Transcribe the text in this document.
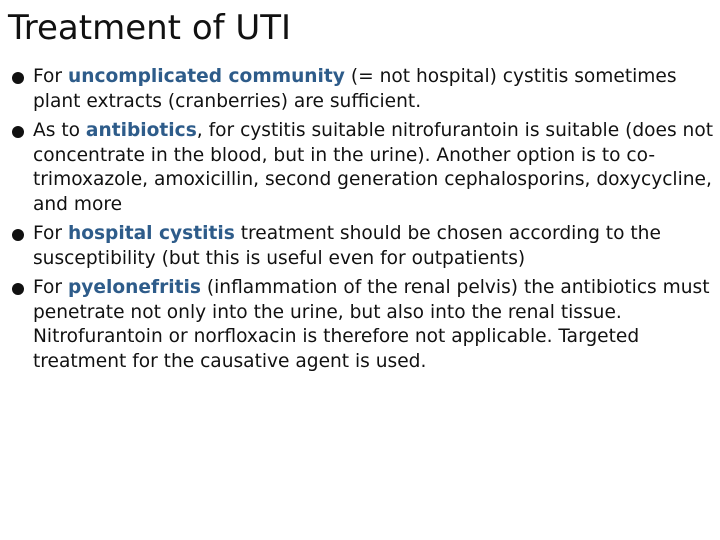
Treatment of UTI
For uncomplicated community (= not hospital) cystitis sometimes plant extracts (cranberries) are sufficient.
As to antibiotics, for cystitis suitable nitrofurantoin is suitable (does not concentrate in the blood, but in the urine). Another option is to co-trimoxazole, amoxicillin, second generation cephalosporins, doxycycline, and more
For hospital cystitis treatment should be chosen according to the susceptibility (but this is useful even for outpatients)
For pyelonefritis (inflammation of the renal pelvis) the antibiotics must penetrate not only into the urine, but also into the renal tissue. Nitrofurantoin or norfloxacin is therefore not applicable. Targeted treatment for the causative agent is used.
